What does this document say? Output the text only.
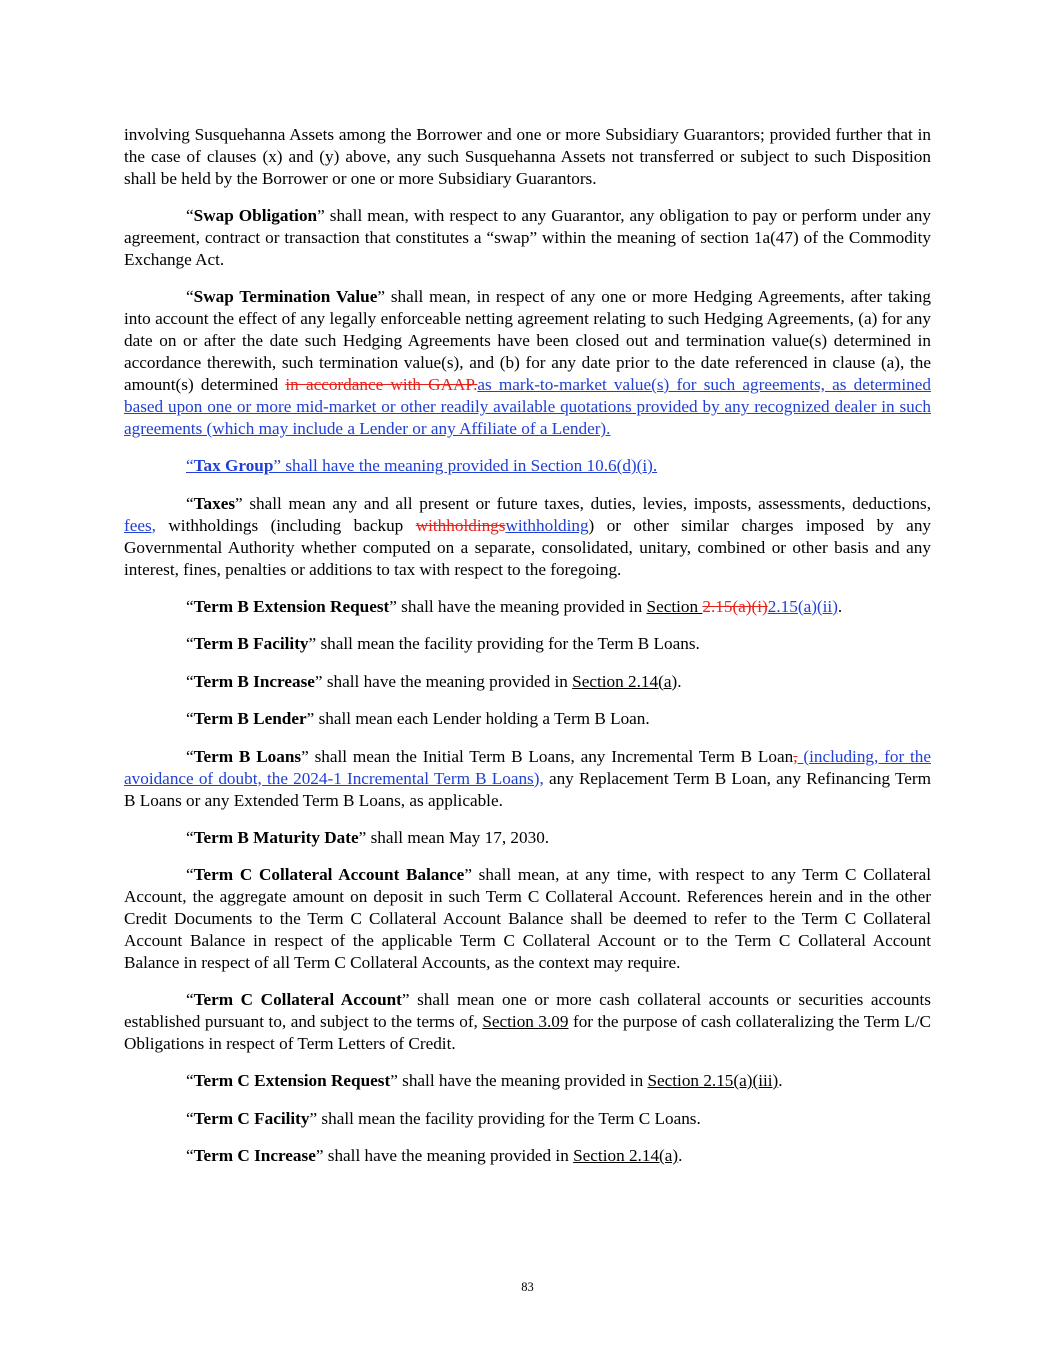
involving Susquehanna Assets among the Borrower and one or more Subsidiary Guarantors; provided further that in the case of clauses (x) and (y) above, any such Susquehanna Assets not transferred or subject to such Disposition shall be held by the Borrower or one or more Subsidiary Guarantors.

“Swap Obligation” shall mean, with respect to any Guarantor, any obligation to pay or perform under any agreement, contract or transaction that constitutes a “swap” within the meaning of section 1a(47) of the Commodity Exchange Act.

“Swap Termination Value” shall mean, in respect of any one or more Hedging Agreements, after taking into account the effect of any legally enforceable netting agreement relating to such Hedging Agreements, (a) for any date on or after the date such Hedging Agreements have been closed out and termination value(s) determined in accordance therewith, such termination value(s), and (b) for any date prior to the date referenced in clause (a), the amount(s) determined in accordance with GAAP.as mark-to-market value(s) for such agreements, as determined based upon one or more mid-market or other readily available quotations provided by any recognized dealer in such agreements (which may include a Lender or any Affiliate of a Lender).

“Tax Group” shall have the meaning provided in Section 10.6(d)(i).

“Taxes” shall mean any and all present or future taxes, duties, levies, imposts, assessments, deductions, fees, withholdings (including backup withholdingswithholding) or other similar charges imposed by any Governmental Authority whether computed on a separate, consolidated, unitary, combined or other basis and any interest, fines, penalties or additions to tax with respect to the foregoing.

“Term B Extension Request” shall have the meaning provided in Section 2.15(a)(i)2.15(a)(ii).

“Term B Facility” shall mean the facility providing for the Term B Loans.

“Term B Increase” shall have the meaning provided in Section 2.14(a).

“Term B Lender” shall mean each Lender holding a Term B Loan.

“Term B Loans” shall mean the Initial Term B Loans, any Incremental Term B Loan, (including, for the avoidance of doubt, the 2024-1 Incremental Term B Loans), any Replacement Term B Loan, any Refinancing Term B Loans or any Extended Term B Loans, as applicable.

“Term B Maturity Date” shall mean May 17, 2030.

“Term C Collateral Account Balance” shall mean, at any time, with respect to any Term C Collateral Account, the aggregate amount on deposit in such Term C Collateral Account. References herein and in the other Credit Documents to the Term C Collateral Account Balance shall be deemed to refer to the Term C Collateral Account Balance in respect of the applicable Term C Collateral Account or to the Term C Collateral Account Balance in respect of all Term C Collateral Accounts, as the context may require.

“Term C Collateral Account” shall mean one or more cash collateral accounts or securities accounts established pursuant to, and subject to the terms of, Section 3.09 for the purpose of cash collateralizing the Term L/C Obligations in respect of Term Letters of Credit.

“Term C Extension Request” shall have the meaning provided in Section 2.15(a)(iii).

“Term C Facility” shall mean the facility providing for the Term C Loans.

“Term C Increase” shall have the meaning provided in Section 2.14(a).

83
